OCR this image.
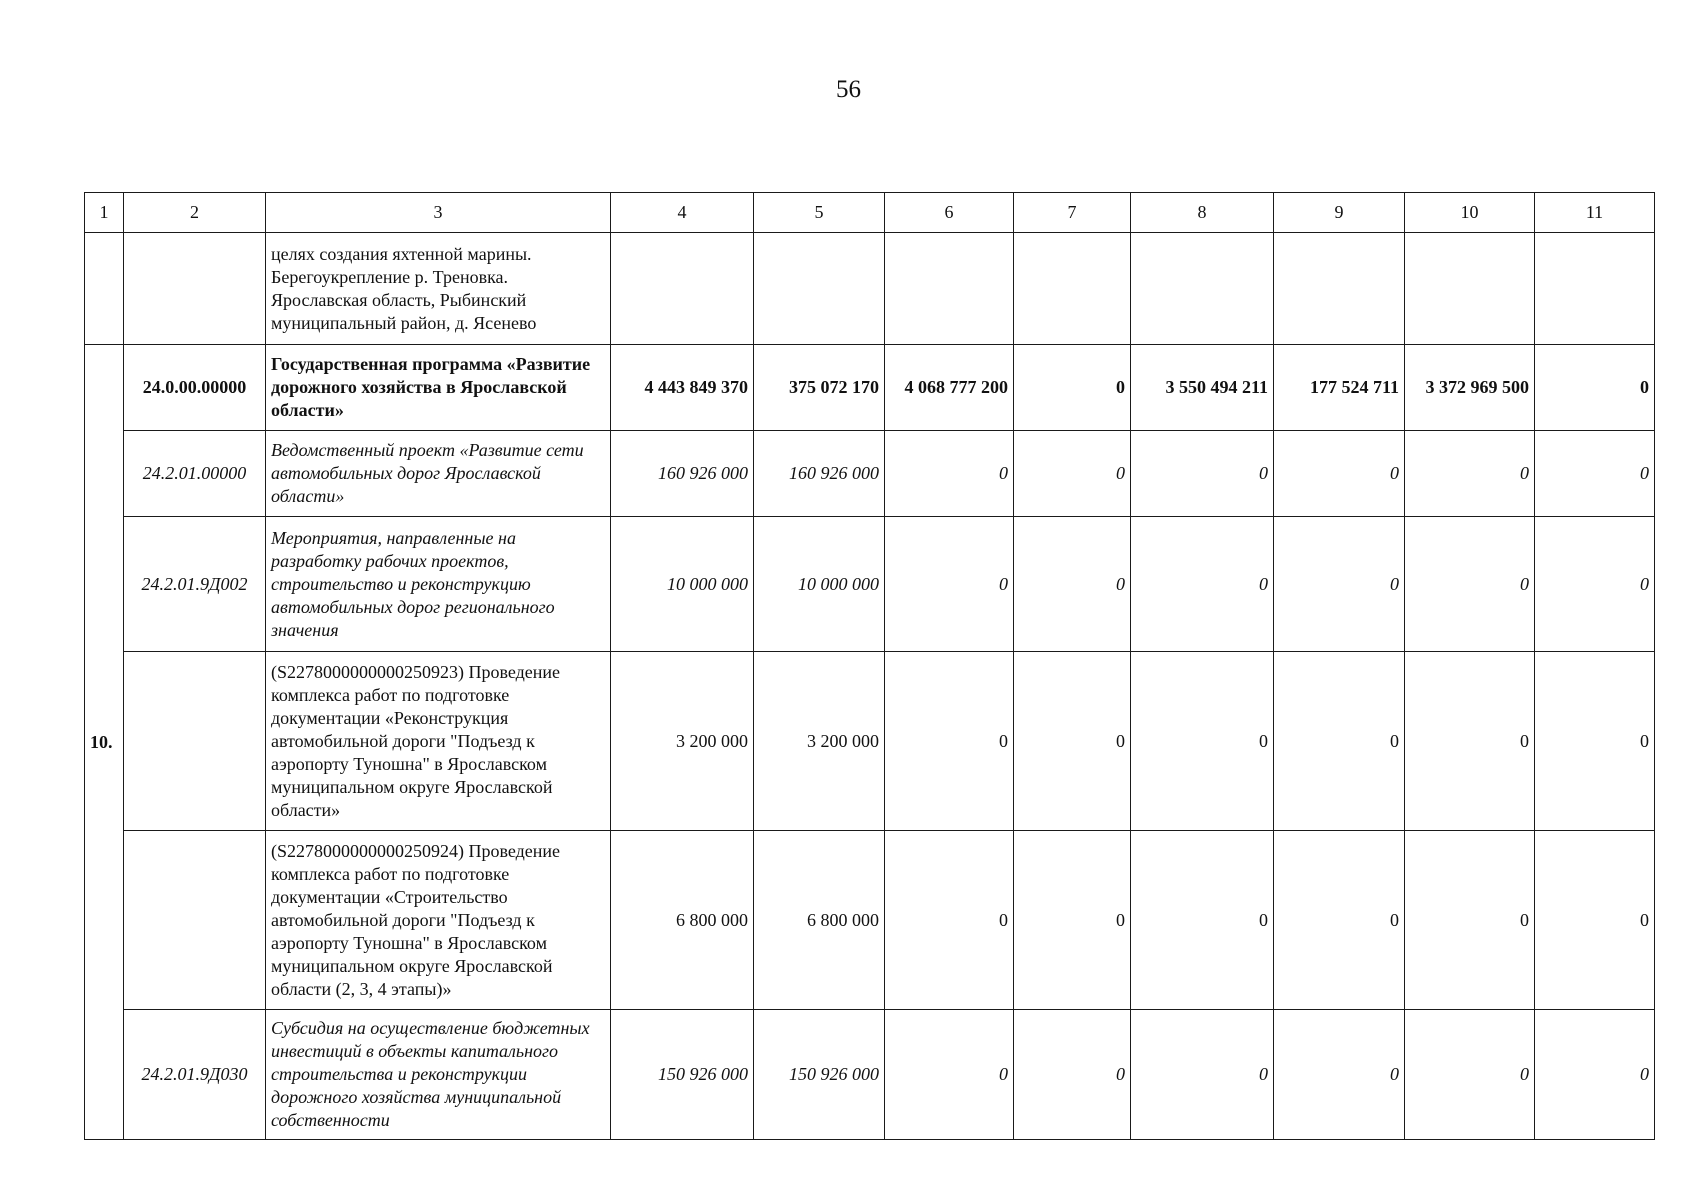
56
1	2	3	4	5	6	7	8	9	10	11
		целях создания яхтенной марины. Берегоукрепление р. Треновка. Ярославская область, Рыбинский муниципальный район, д. Ясенево								
10.	24.0.00.00000	Государственная программа «Развитие дорожного хозяйства в Ярославской области»	4 443 849 370	375 072 170	4 068 777 200	0	3 550 494 211	177 524 711	3 372 969 500	0
	24.2.01.00000	Ведомственный проект «Развитие сети автомобильных дорог Ярославской области»	160 926 000	160 926 000	0	0	0	0	0	0
	24.2.01.9Д002	Мероприятия, направленные на разработку рабочих проектов, строительство и реконструкцию автомобильных дорог регионального значения	10 000 000	10 000 000	0	0	0	0	0	0
		(S2278000000000250923) Проведение комплекса работ по подготовке документации «Реконструкция автомобильной дороги "Подъезд к аэропорту Туношна" в Ярославском муниципальном округе Ярославской области»	3 200 000	3 200 000	0	0	0	0	0	0
		(S2278000000000250924) Проведение комплекса работ по подготовке документации «Строительство автомобильной дороги "Подъезд к аэропорту Туношна" в Ярославском муниципальном округе Ярославской области (2, 3, 4 этапы)»	6 800 000	6 800 000	0	0	0	0	0	0
	24.2.01.9Д030	Субсидия на осуществление бюджетных инвестиций в объекты капитального строительства и реконструкции дорожного хозяйства муниципальной собственности	150 926 000	150 926 000	0	0	0	0	0	0
